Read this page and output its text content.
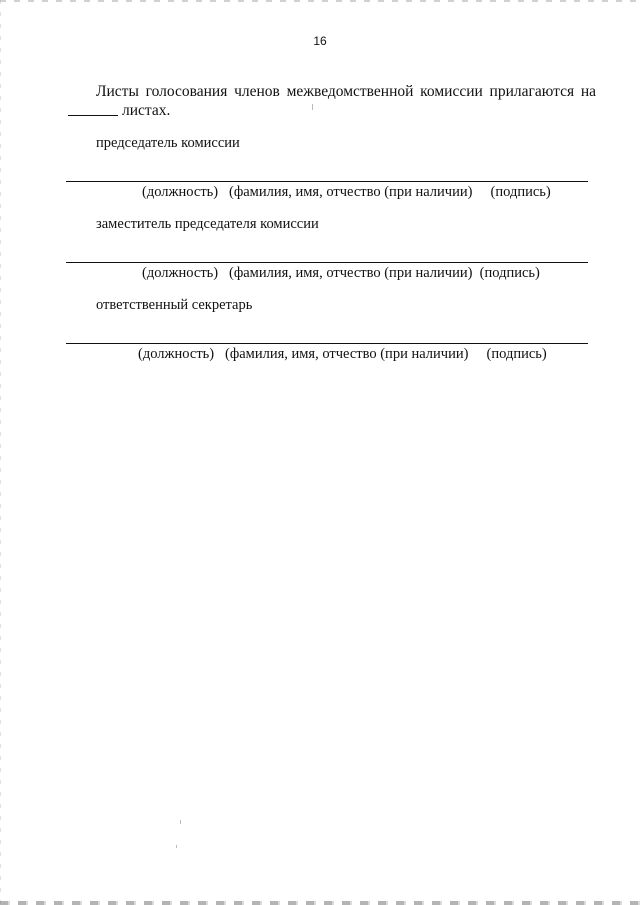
16
Листы голосования членов межведомственной комиссии прилагаются на
листах.
председатель комиссии
(должность) (фамилия, имя, отчество (при наличии) (подпись)
заместитель председателя комиссии
(должность) (фамилия, имя, отчество (при наличии) (подпись)
ответственный секретарь
(должность) (фамилия, имя, отчество (при наличии) (подпись)
